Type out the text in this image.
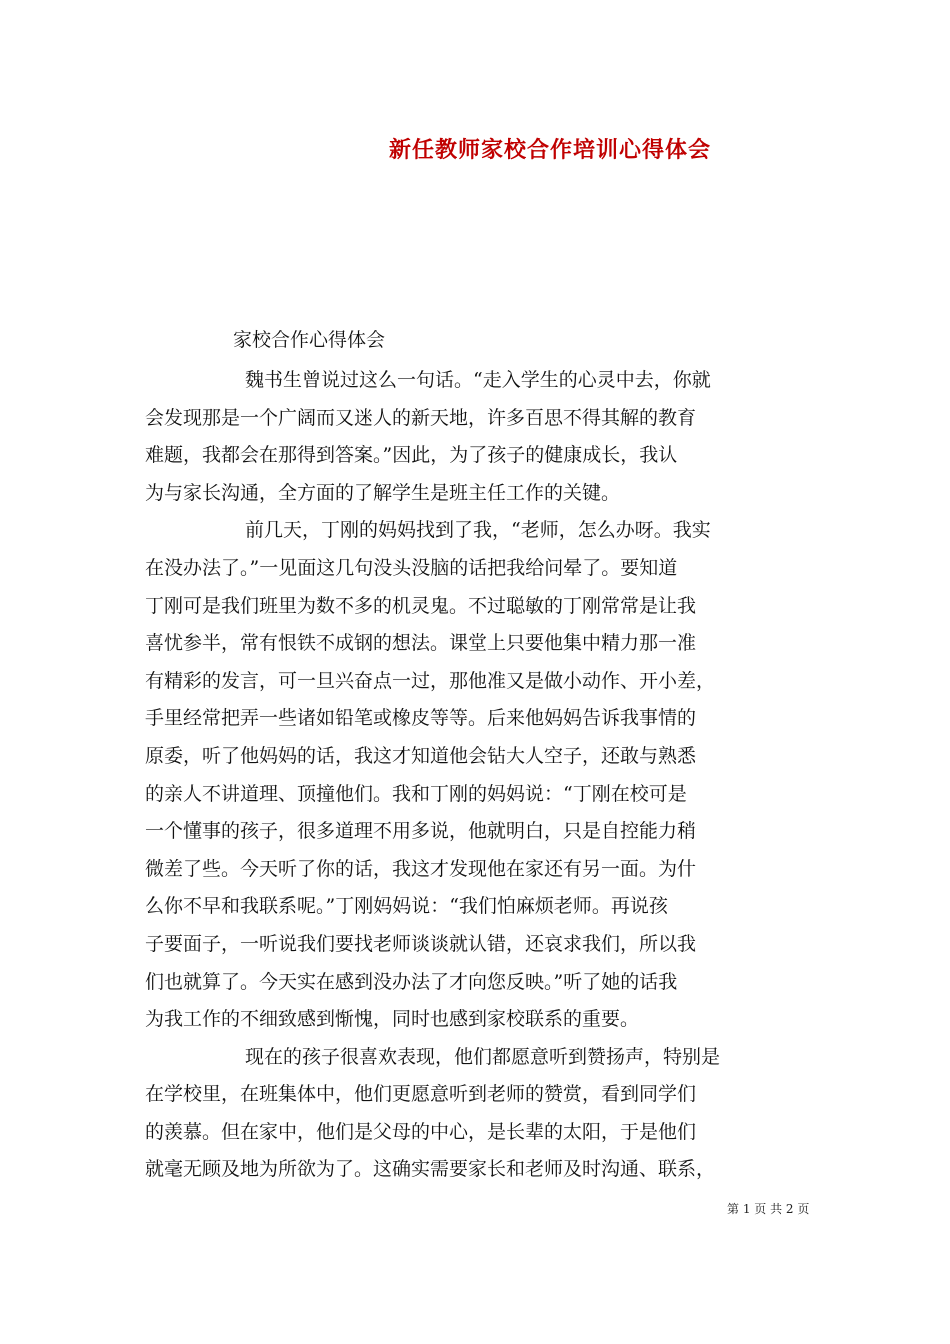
新任教师家校合作培训心得体会
家校合作心得体会
魏书生曾说过这么一句话。“走入学生的心灵中去，你就
会发现那是一个广阔而又迷人的新天地，许多百思不得其解的教育
难题，我都会在那得到答案。”因此，为了孩子的健康成长，我认
为与家长沟通，全方面的了解学生是班主任工作的关键。
前几天，丁刚的妈妈找到了我，“老师，怎么办呀。我实
在没办法了。”一见面这几句没头没脑的话把我给问晕了。要知道
丁刚可是我们班里为数不多的机灵鬼。不过聪敏的丁刚常常是让我
喜忧参半，常有恨铁不成钢的想法。课堂上只要他集中精力那一准
有精彩的发言，可一旦兴奋点一过，那他准又是做小动作、开小差，
手里经常把弄一些诸如铅笔或橡皮等等。后来他妈妈告诉我事情的
原委，听了他妈妈的话，我这才知道他会钻大人空子，还敢与熟悉
的亲人不讲道理、顶撞他们。我和丁刚的妈妈说：“丁刚在校可是
一个懂事的孩子，很多道理不用多说，他就明白，只是自控能力稍
微差了些。今天听了你的话，我这才发现他在家还有另一面。为什
么你不早和我联系呢。”丁刚妈妈说：“我们怕麻烦老师。再说孩
子要面子，一听说我们要找老师谈谈就认错，还哀求我们，所以我
们也就算了。今天实在感到没办法了才向您反映。”听了她的话我
为我工作的不细致感到惭愧，同时也感到家校联系的重要。
现在的孩子很喜欢表现，他们都愿意听到赞扬声，特别是
在学校里，在班集体中，他们更愿意听到老师的赞赏，看到同学们
的羡慕。但在家中，他们是父母的中心，是长辈的太阳，于是他们
就毫无顾及地为所欲为了。这确实需要家长和老师及时沟通、联系，
第 1 页 共 2 页
